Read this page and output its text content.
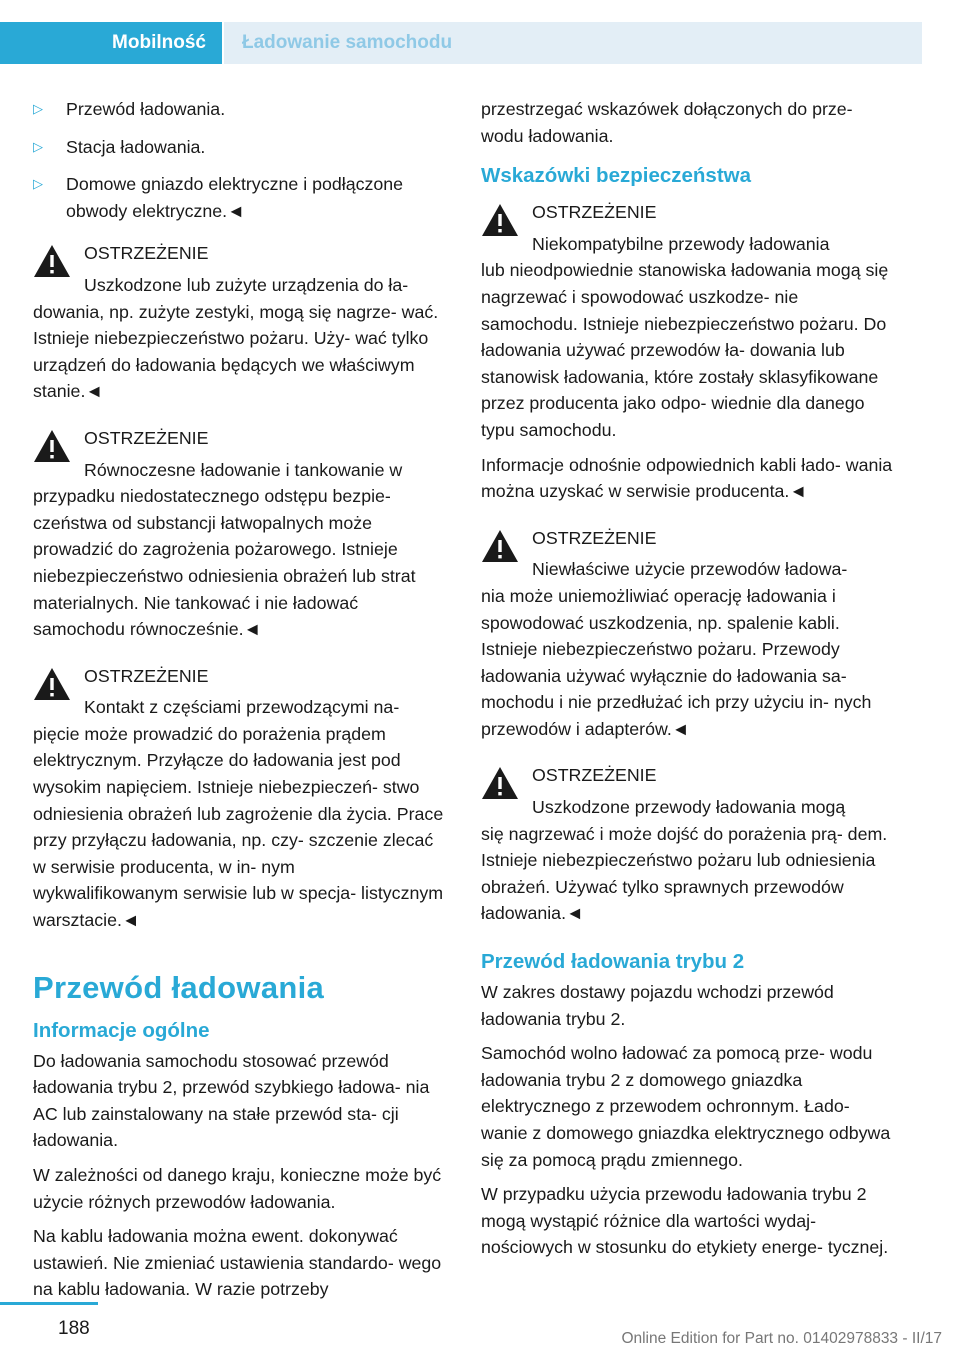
Mobilność	Ładowanie samochodu
▷ Przewód ładowania.
▷ Stacja ładowania.
▷ Domowe gniazdo elektryczne i podłączone obwody elektryczne.◄
OSTRZEŻENIE
Uszkodzone lub zużyte urządzenia do ła‐
dowania, np. zużyte zestyki, mogą się nagrze‐ wać. Istnieje niebezpieczeństwo pożaru. Uży‐ wać tylko urządzeń do ładowania będących we właściwym stanie.◄
OSTRZEŻENIE
Równoczesne ładowanie i tankowanie w
przypadku niedostatecznego odstępu bezpie‐ czeństwa od substancji łatwopalnych może prowadzić do zagrożenia pożarowego. Istnieje niebezpieczeństwo odniesienia obrażeń lub strat materialnych. Nie tankować i nie ładować samochodu równocześnie.◄
OSTRZEŻENIE
Kontakt z częściami przewodzącymi na‐
pięcie może prowadzić do porażenia prądem elektrycznym. Przyłącze do ładowania jest pod wysokim napięciem. Istnieje niebezpieczeń‐ stwo odniesienia obrażeń lub zagrożenie dla życia. Prace przy przyłączu ładowania, np. czy‐ szczenie zlecać w serwisie producenta, w in‐ nym wykwalifikowanym serwisie lub w specja‐ listycznym warsztacie.◄
Przewód ładowania
Informacje ogólne

Do ładowania samochodu stosować przewód ładowania trybu 2, przewód szybkiego ładowa‐ nia AC lub zainstalowany na stałe przewód sta‐ cji ładowania.

W zależności od danego kraju, konieczne może być użycie różnych przewodów ładowania.

Na kablu ładowania można ewent. dokonywać ustawień. Nie zmieniać ustawienia standardo‐ wego na kablu ładowania. W razie potrzeby

przestrzegać wskazówek dołączonych do prze‐ wodu ładowania.

Wskazówki bezpieczeństwa
OSTRZEŻENIE
Niekompatybilne przewody ładowania
lub nieodpowiednie stanowiska ładowania mogą się nagrzewać i spowodować uszkodze‐ nie samochodu. Istnieje niebezpieczeństwo pożaru. Do ładowania używać przewodów ła‐ dowania lub stanowisk ładowania, które zostały sklasyfikowane przez producenta jako odpo‐ wiednie dla danego typu samochodu.

Informacje odnośnie odpowiednich kabli łado‐ wania można uzyskać w serwisie producenta.◄

OSTRZEŻENIE
Niewłaściwe użycie przewodów ładowa‐
nia może uniemożliwiać operację ładowania i spowodować uszkodzenia, np. spalenie kabli. Istnieje niebezpieczeństwo pożaru. Przewody ładowania używać wyłącznie do ładowania sa‐ mochodu i nie przedłużać ich przy użyciu in‐ nych przewodów i adapterów.◄
OSTRZEŻENIE
Uszkodzone przewody ładowania mogą
się nagrzewać i może dojść do porażenia prą‐ dem. Istnieje niebezpieczeństwo pożaru lub odniesienia obrażeń. Używać tylko sprawnych przewodów ładowania.◄
Przewód ładowania trybu 2

W zakres dostawy pojazdu wchodzi przewód ładowania trybu 2.

Samochód wolno ładować za pomocą prze‐ wodu ładowania trybu 2 z domowego gniazdka elektrycznego z przewodem ochronnym. Łado‐ wanie z domowego gniazdka elektrycznego odbywa się za pomocą prądu zmiennego.

W przypadku użycia przewodu ładowania trybu 2 mogą wystąpić różnice dla wartości wydaj‐ nościowych w stosunku do etykiety energe‐ tycznej.

188	Online Edition for Part no. 01402978833 - II/17
